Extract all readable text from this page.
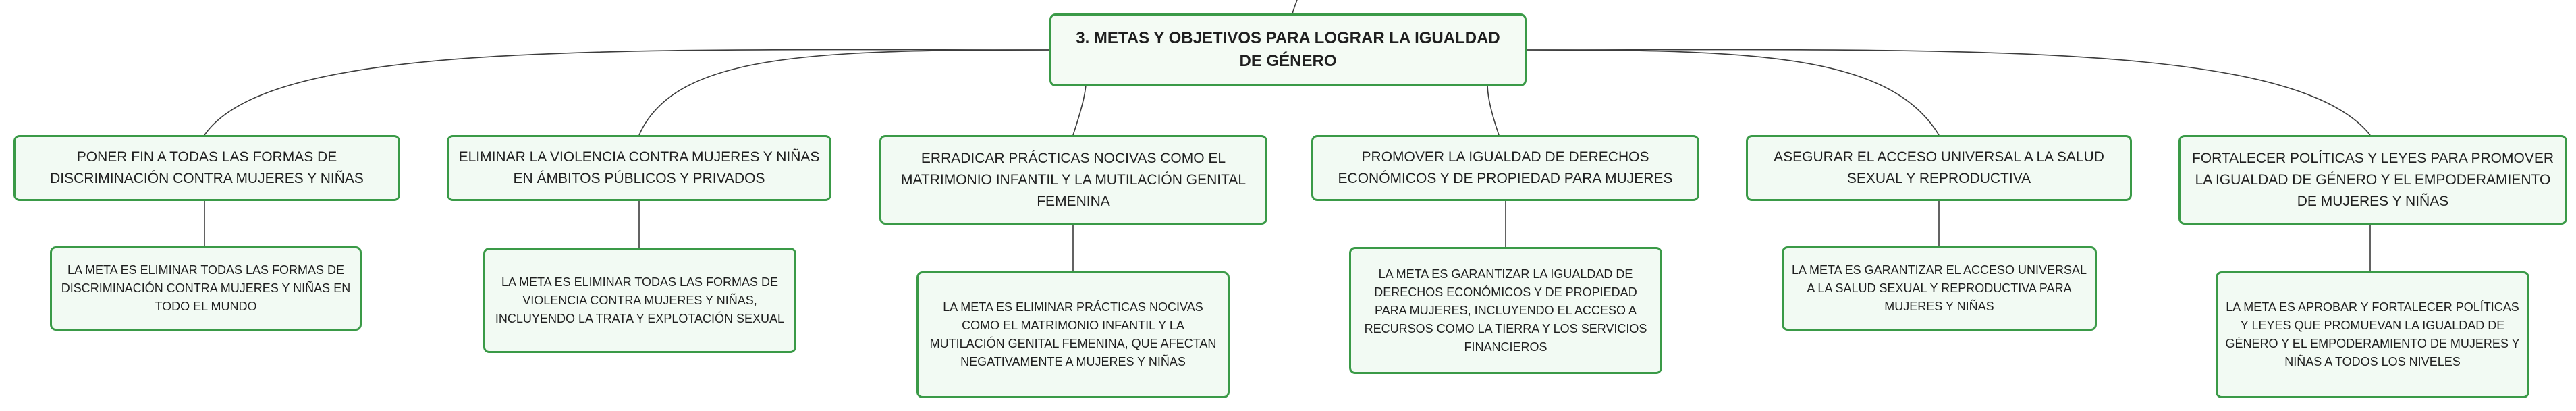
3. METAS Y OBJETIVOS PARA LOGRAR LA IGUALDAD DE GÉNERO
PONER FIN A TODAS LAS FORMAS DE DISCRIMINACIÓN CONTRA MUJERES Y NIÑAS
ELIMINAR LA VIOLENCIA CONTRA MUJERES Y NIÑAS EN ÁMBITOS PÚBLICOS Y PRIVADOS
ERRADICAR PRÁCTICAS NOCIVAS COMO EL MATRIMONIO INFANTIL Y LA MUTILACIÓN GENITAL FEMENINA
PROMOVER LA IGUALDAD DE DERECHOS ECONÓMICOS Y DE PROPIEDAD PARA MUJERES
ASEGURAR EL ACCESO UNIVERSAL A LA SALUD SEXUAL Y REPRODUCTIVA
FORTALECER POLÍTICAS Y LEYES PARA PROMOVER LA IGUALDAD DE GÉNERO Y EL EMPODERAMIENTO DE MUJERES Y NIÑAS
LA META ES ELIMINAR TODAS LAS FORMAS DE DISCRIMINACIÓN CONTRA MUJERES Y NIÑAS EN TODO EL MUNDO
LA META ES ELIMINAR TODAS LAS FORMAS DE VIOLENCIA CONTRA MUJERES Y NIÑAS, INCLUYENDO LA TRATA Y EXPLOTACIÓN SEXUAL
LA META ES ELIMINAR PRÁCTICAS NOCIVAS COMO EL MATRIMONIO INFANTIL Y LA MUTILACIÓN GENITAL FEMENINA, QUE AFECTAN NEGATIVAMENTE A MUJERES Y NIÑAS
LA META ES GARANTIZAR LA IGUALDAD DE DERECHOS ECONÓMICOS Y DE PROPIEDAD PARA MUJERES, INCLUYENDO EL ACCESO A RECURSOS COMO LA TIERRA Y LOS SERVICIOS FINANCIEROS
LA META ES GARANTIZAR EL ACCESO UNIVERSAL A LA SALUD SEXUAL Y REPRODUCTIVA PARA MUJERES Y NIÑAS	LA META ES APROBAR Y FORTALECER POLÍTICAS Y LEYES QUE PROMUEVAN LA IGUALDAD DE GÉNERO Y EL EMPODERAMIENTO DE MUJERES Y NIÑAS A TODOS LOS NIVELES
